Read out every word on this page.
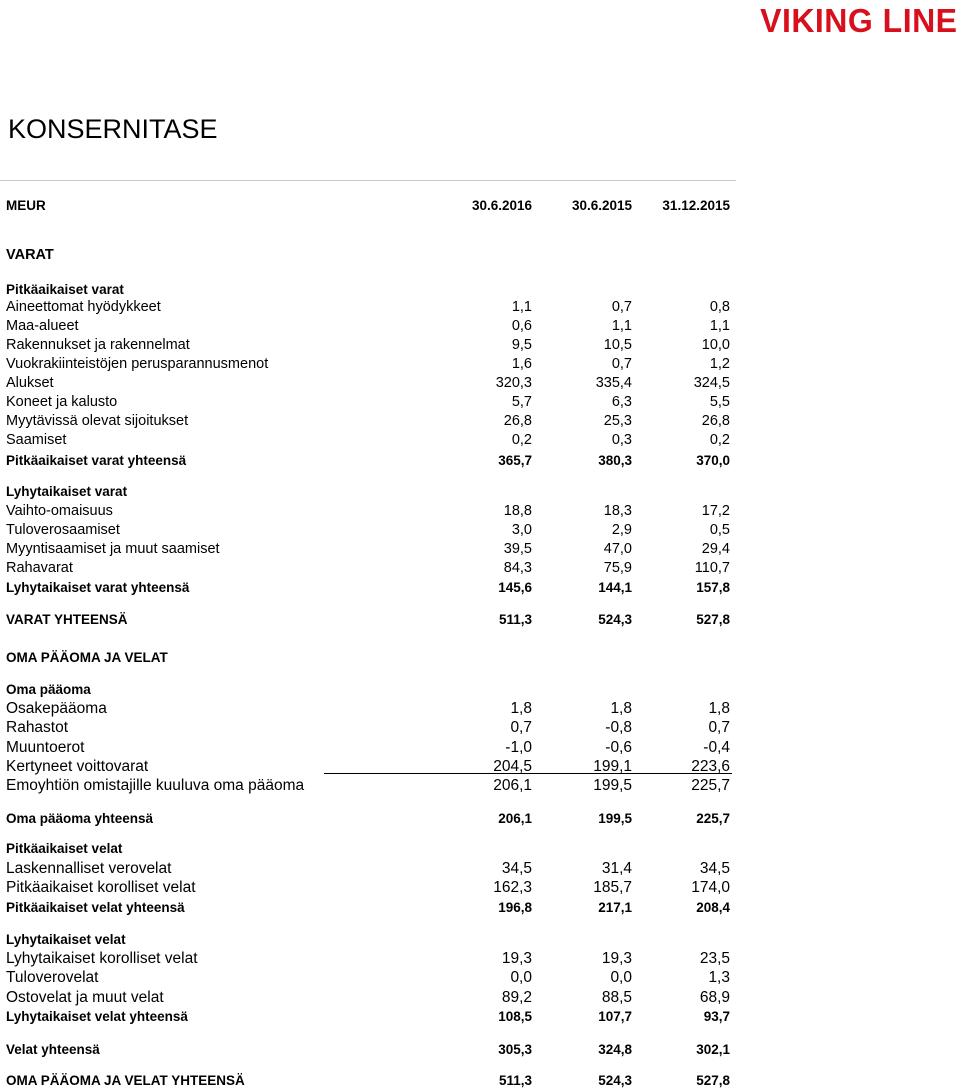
VIKING LINE
KONSERNITASE
MEUR	30.6.2016	30.6.2015 31.12.2015
VARAT
Pitkäaikaiset varat
Aineettomat hyödykkeet	1,1	0,7	0,8
Maa-alueet	0,6	1,1	1,1
Rakennukset ja rakennelmat	9,5	10,5	10,0
Vuokrakiinteistöjen perusparannusmenot	1,6	0,7	1,2
Alukset	320,3	335,4	324,5
Koneet ja kalusto	5,7	6,3	5,5
Myytävissä olevat sijoitukset	26,8	25,3	26,8
Saamiset	0,2	0,3	0,2
Pitkäaikaiset varat yhteensä	365,7	380,3	370,0
Lyhytaikaiset varat
Vaihto-omaisuus	18,8	18,3	17,2
Tuloverosaamiset	3,0	2,9	0,5
Myyntisaamiset ja muut saamiset	39,5	47,0	29,4
Rahavarat	84,3	75,9	110,7
Lyhytaikaiset varat yhteensä	145,6	144,1	157,8
VARAT YHTEENSÄ	511,3	524,3	527,8
OMA PÄÄOMA JA VELAT
Oma pääoma
Osakepääoma	1,8	1,8	1,8
Rahastot	0,7	-0,8	0,7
Muuntoerot	-1,0	-0,6	-0,4
Kertyneet voittovarat	204,5	199,1	223,6
Emoyhtiön omistajille kuuluva oma pääoma	206,1	199,5	225,7
Oma pääoma yhteensä	206,1	199,5	225,7
Pitkäaikaiset velat
Laskennalliset verovelat	34,5	31,4	34,5
Pitkäaikaiset korolliset velat	162,3	185,7	174,0
Pitkäaikaiset velat yhteensä	196,8	217,1	208,4
Lyhytaikaiset velat
Lyhytaikaiset korolliset velat	19,3	19,3	23,5
Tuloverovelat	0,0	0,0	1,3
Ostovelat ja muut velat	89,2	88,5	68,9
Lyhytaikaiset velat yhteensä	108,5	107,7	93,7
Velat yhteensä	305,3	324,8	302,1
OMA PÄÄOMA JA VELAT YHTEENSÄ	511,3	524,3	527,8
